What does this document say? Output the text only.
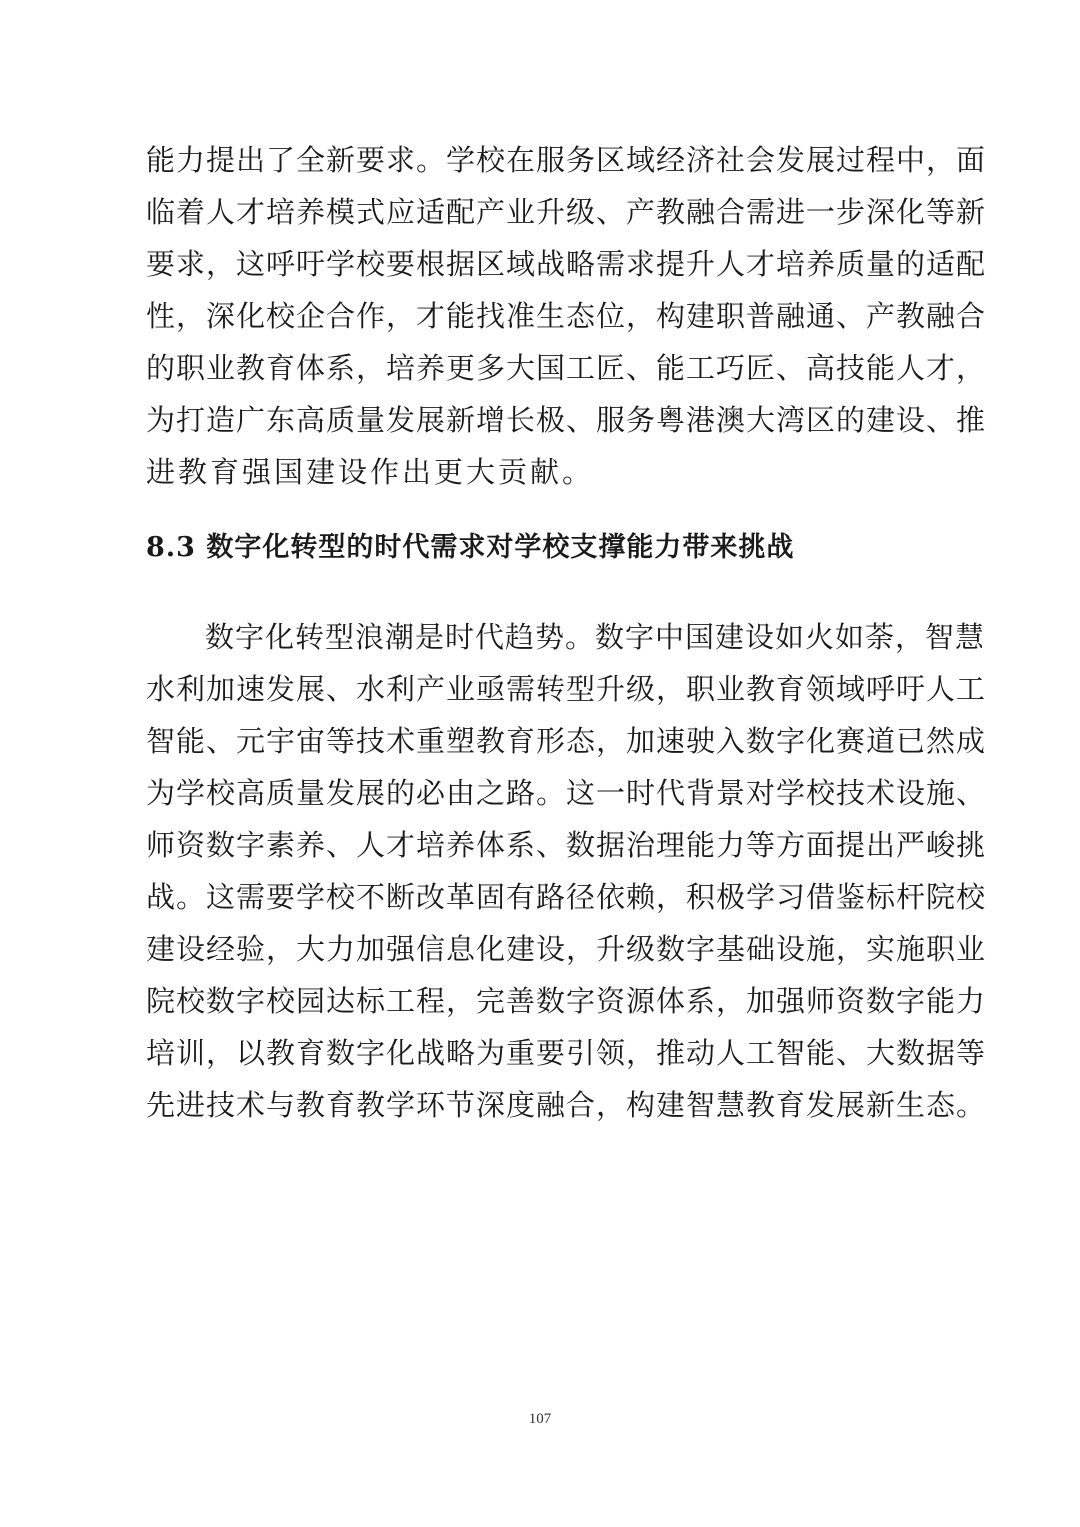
能力提出了全新要求。学校在服务区域经济社会发展过程中，面
临着人才培养模式应适配产业升级、产教融合需进一步深化等新
要求，这呼吁学校要根据区域战略需求提升人才培养质量的适配
性，深化校企合作，才能找准生态位，构建职普融通、产教融合
的职业教育体系，培养更多大国工匠、能工巧匠、高技能人才，
为打造广东高质量发展新增长极、服务粤港澳大湾区的建设、推
进教育强国建设作出更大贡献。
8.3 数字化转型的时代需求对学校支撑能力带来挑战
数字化转型浪潮是时代趋势。数字中国建设如火如荼，智慧
水利加速发展、水利产业亟需转型升级，职业教育领域呼吁人工
智能、元宇宙等技术重塑教育形态，加速驶入数字化赛道已然成
为学校高质量发展的必由之路。这一时代背景对学校技术设施、
师资数字素养、人才培养体系、数据治理能力等方面提出严峻挑
战。这需要学校不断改革固有路径依赖，积极学习借鉴标杆院校
建设经验，大力加强信息化建设，升级数字基础设施，实施职业
院校数字校园达标工程，完善数字资源体系，加强师资数字能力
培训，以教育数字化战略为重要引领，推动人工智能、大数据等
先进技术与教育教学环节深度融合，构建智慧教育发展新生态。
107
